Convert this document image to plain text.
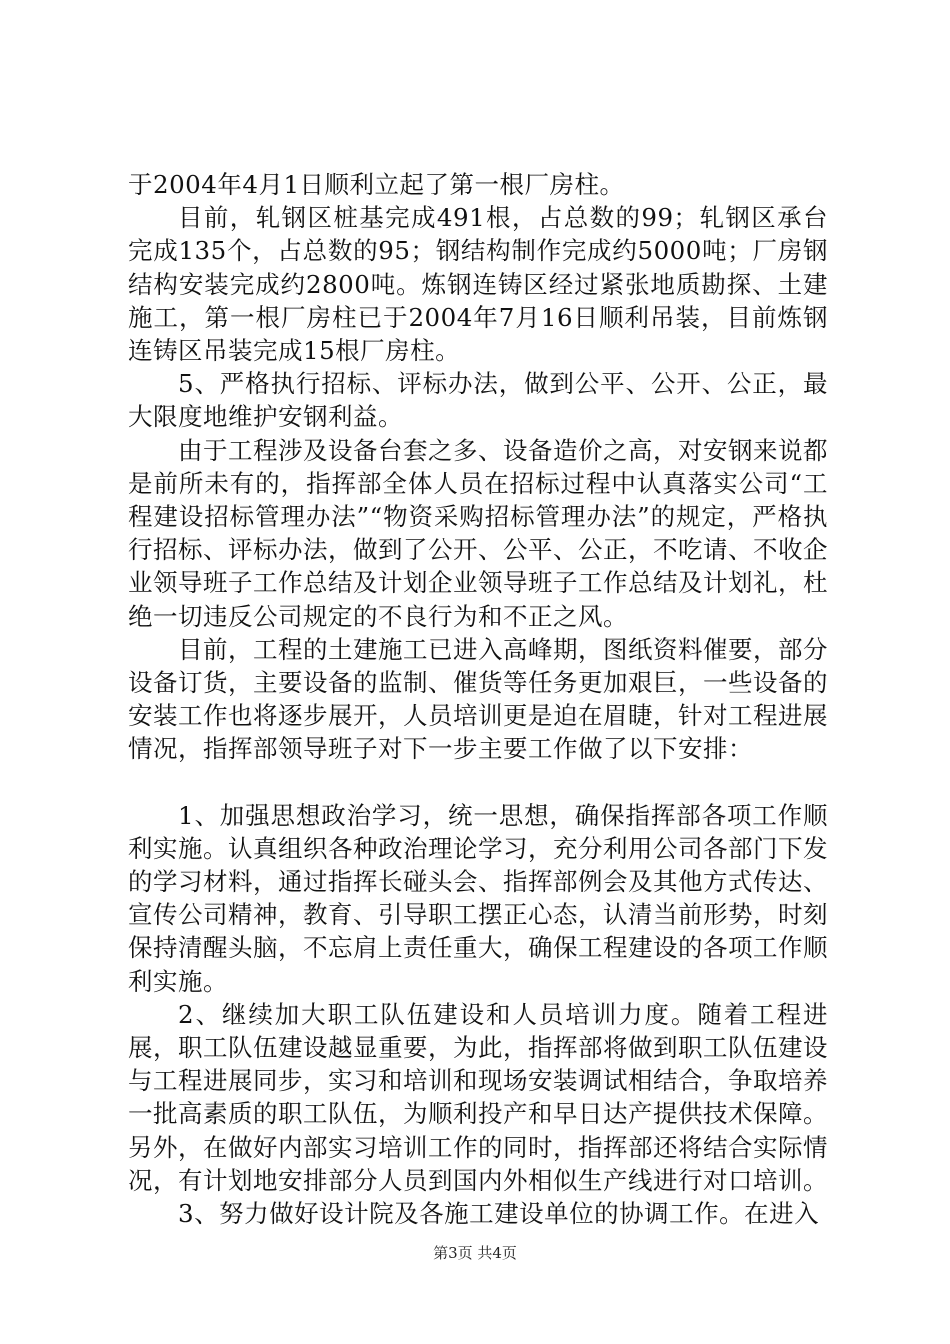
于2004年4月1日顺利立起了第一根厂房柱。

目前，轧钢区桩基完成491根，占总数的99；轧钢区承台完成135个，占总数的95；钢结构制作完成约5000吨；厂房钢结构安装完成约2800吨。炼钢连铸区经过紧张地质勘探、土建施工，第一根厂房柱已于2004年7月16日顺利吊装，目前炼钢连铸区吊装完成15根厂房柱。

5、严格执行招标、评标办法，做到公平、公开、公正，最大限度地维护安钢利益。

由于工程涉及设备台套之多、设备造价之高，对安钢来说都是前所未有的，指挥部全体人员在招标过程中认真落实公司“工程建设招标管理办法”“物资采购招标管理办法”的规定，严格执行招标、评标办法，做到了公开、公平、公正，不吃请、不收企业领导班子工作总结及计划企业领导班子工作总结及计划礼，杜绝一切违反公司规定的不良行为和不正之风。

目前，工程的土建施工已进入高峰期，图纸资料催要，部分设备订货，主要设备的监制、催货等任务更加艰巨，一些设备的安装工作也将逐步展开，人员培训更是迫在眉睫，针对工程进展情况，指挥部领导班子对下一步主要工作做了以下安排：

1、加强思想政治学习，统一思想，确保指挥部各项工作顺利实施。认真组织各种政治理论学习，充分利用公司各部门下发的学习材料，通过指挥长碰头会、指挥部例会及其他方式传达、宣传公司精神，教育、引导职工摆正心态，认清当前形势，时刻保持清醒头脑，不忘肩上责任重大，确保工程建设的各项工作顺利实施。

2、继续加大职工队伍建设和人员培训力度。随着工程进展，职工队伍建设越显重要，为此，指挥部将做到职工队伍建设与工程进展同步，实习和培训和现场安装调试相结合，争取培养一批高素质的职工队伍，为顺利投产和早日达产提供技术保障。另外，在做好内部实习培训工作的同时，指挥部还将结合实际情况，有计划地安排部分人员到国内外相似生产线进行对口培训。

3、努力做好设计院及各施工建设单位的协调工作。在进入

第3页 共4页
